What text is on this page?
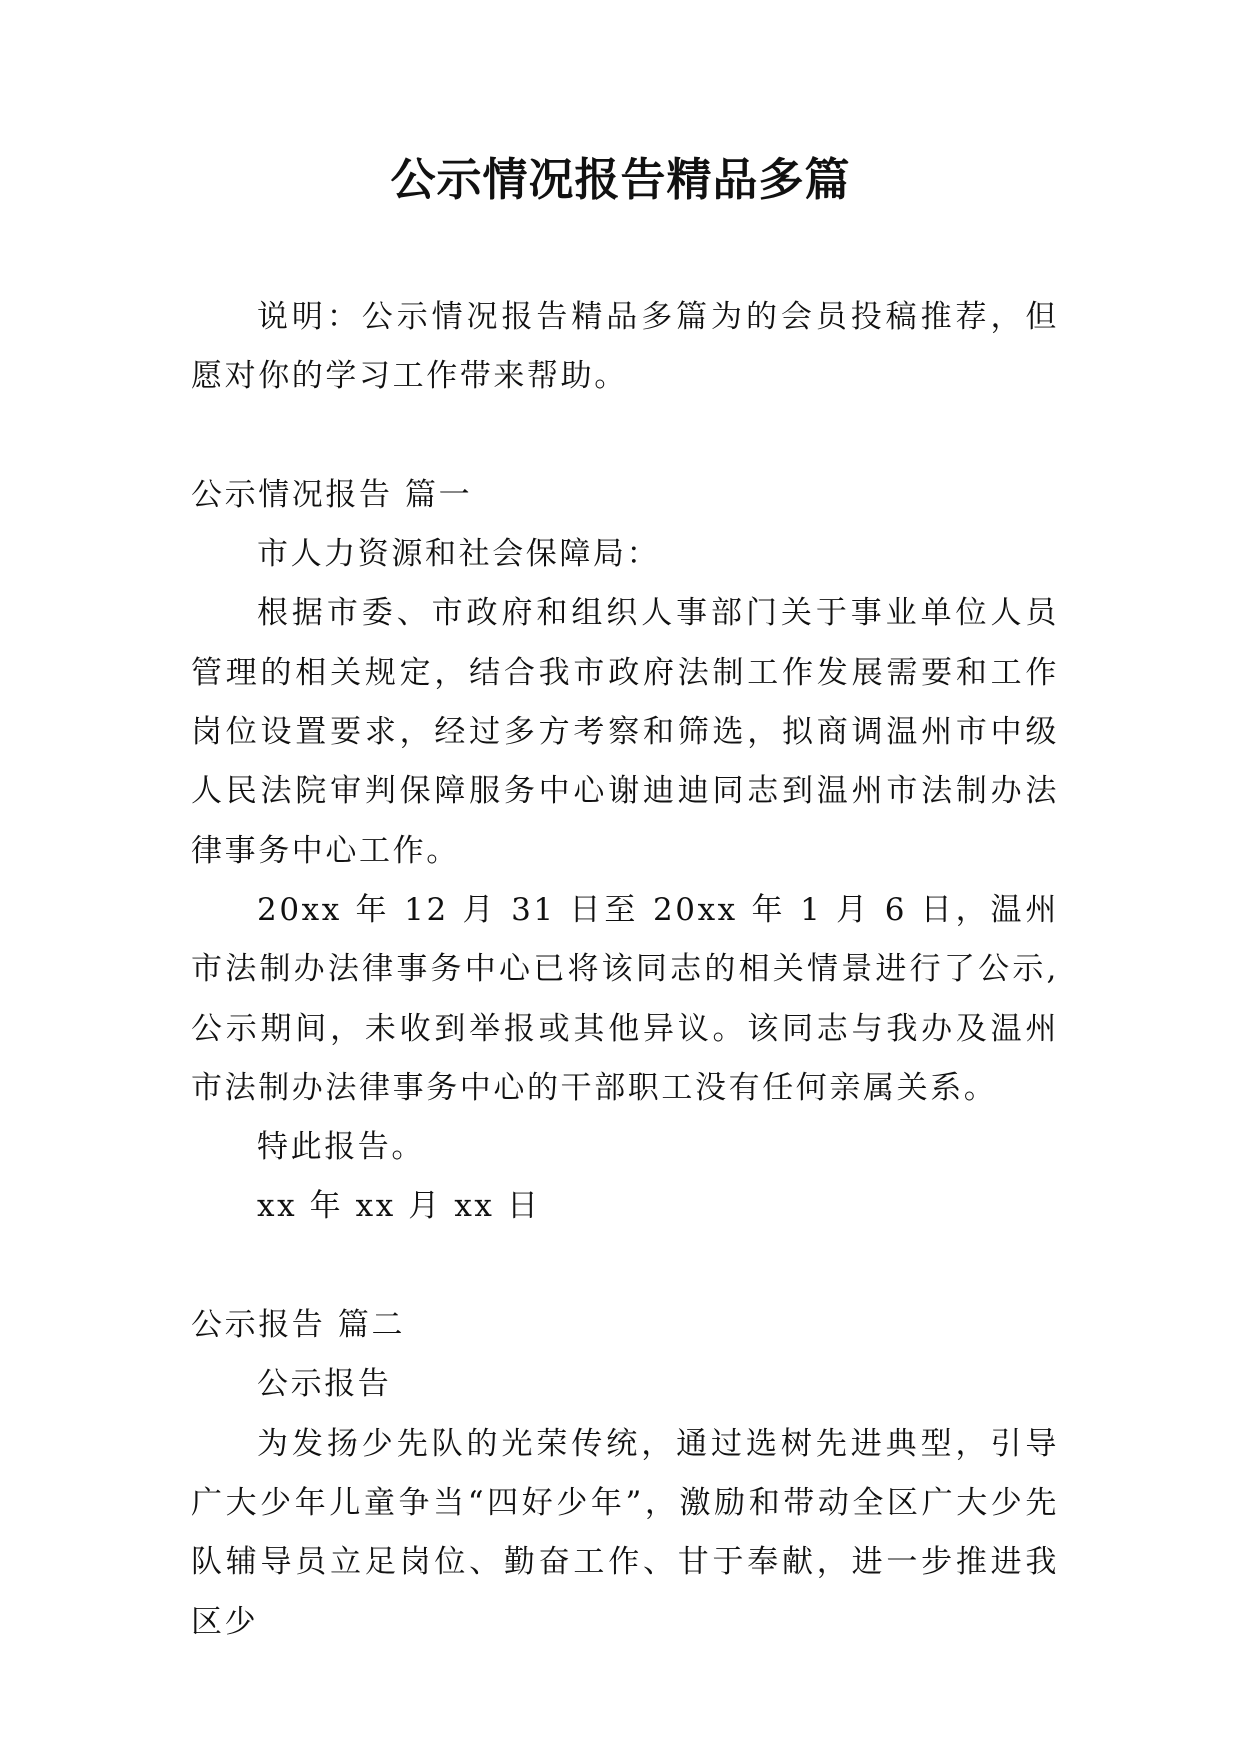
公示情况报告精品多篇

说明：公示情况报告精品多篇为的会员投稿推荐，但愿对你的学习工作带来帮助。

公示情况报告 篇一

市人力资源和社会保障局：

根据市委、市政府和组织人事部门关于事业单位人员管理的相关规定，结合我市政府法制工作发展需要和工作岗位设置要求，经过多方考察和筛选，拟商调温州市中级人民法院审判保障服务中心谢迪迪同志到温州市法制办法律事务中心工作。

20xx 年 12 月 31 日至 20xx 年 1 月 6 日，温州市法制办法律事务中心已将该同志的相关情景进行了公示,公示期间，未收到举报或其他异议。该同志与我办及温州市法制办法律事务中心的干部职工没有任何亲属关系。

特此报告。

xx 年 xx 月 xx 日

公示报告 篇二

公示报告

为发扬少先队的光荣传统，通过选树先进典型，引导广大少年儿童争当“四好少年”，激励和带动全区广大少先队辅导员立足岗位、勤奋工作、甘于奉献，进一步推进我区少
